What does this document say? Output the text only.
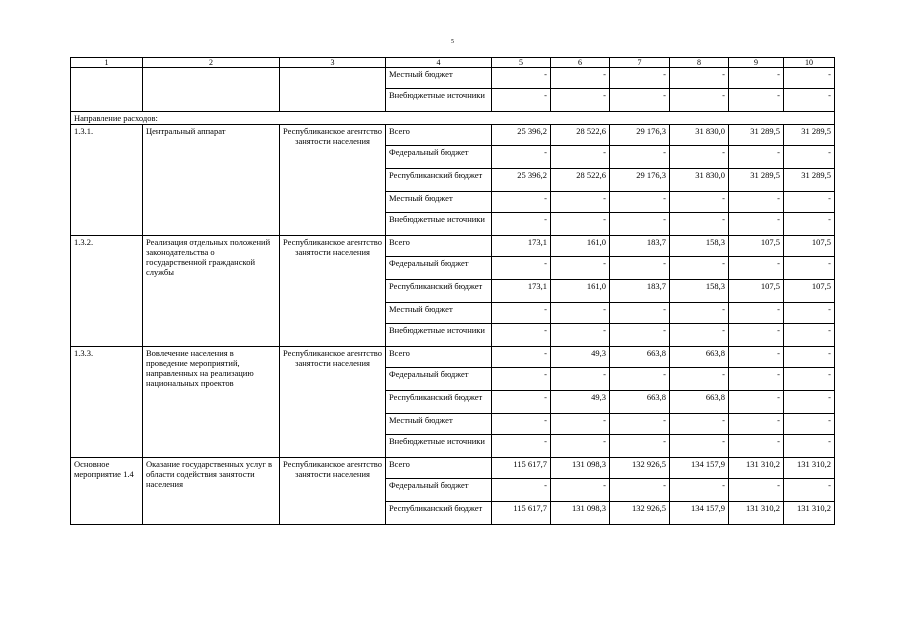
5
1	2	3	4	5	6	7	8	9	10
			Местный бюджет	-	-	-	-	-	-
			Внебюджетные источники	-	-	-	-	-	-
Направление расходов:									
1.3.1.	Центральный аппарат	Республиканское агентство занятости населения	Всего	25 396,2	28 522,6	29 176,3	31 830,0	31 289,5	31 289,5
			Федеральный бюджет	-	-	-	-	-	-
			Республиканский бюджет	25 396,2	28 522,6	29 176,3	31 830,0	31 289,5	31 289,5
			Местный бюджет	-	-	-	-	-	-
			Внебюджетные источники	-	-	-	-	-	-
1.3.2.	Реализация отдельных положений законодательства о государственной гражданской службы	Республиканское агентство занятости населения	Всего	173,1	161,0	183,7	158,3	107,5	107,5
			Федеральный бюджет	-	-	-	-	-	-
			Республиканский бюджет	173,1	161,0	183,7	158,3	107,5	107,5
			Местный бюджет	-	-	-	-	-	-
			Внебюджетные источники	-	-	-	-	-	-
1.3.3.	Вовлечение населения в проведение мероприятий, направленных на реализацию национальных проектов	Республиканское агентство занятости населения	Всего	-	49,3	663,8	663,8	-	-
			Федеральный бюджет	-	-	-	-	-	-
			Республиканский бюджет	-	49,3	663,8	663,8	-	-
			Местный бюджет	-	-	-	-	-	-
			Внебюджетные источники	-	-	-	-	-	-
Основное мероприятие 1.4	Оказание государственных услуг в области содействия занятости населения	Республиканское агентство занятости населения	Всего	115 617,7	131 098,3	132 926,5	134 157,9	131 310,2	131 310,2
			Федеральный бюджет	-	-	-	-	-	-
			Республиканский бюджет	115 617,7	131 098,3	132 926,5	134 157,9	131 310,2	131 310,2
